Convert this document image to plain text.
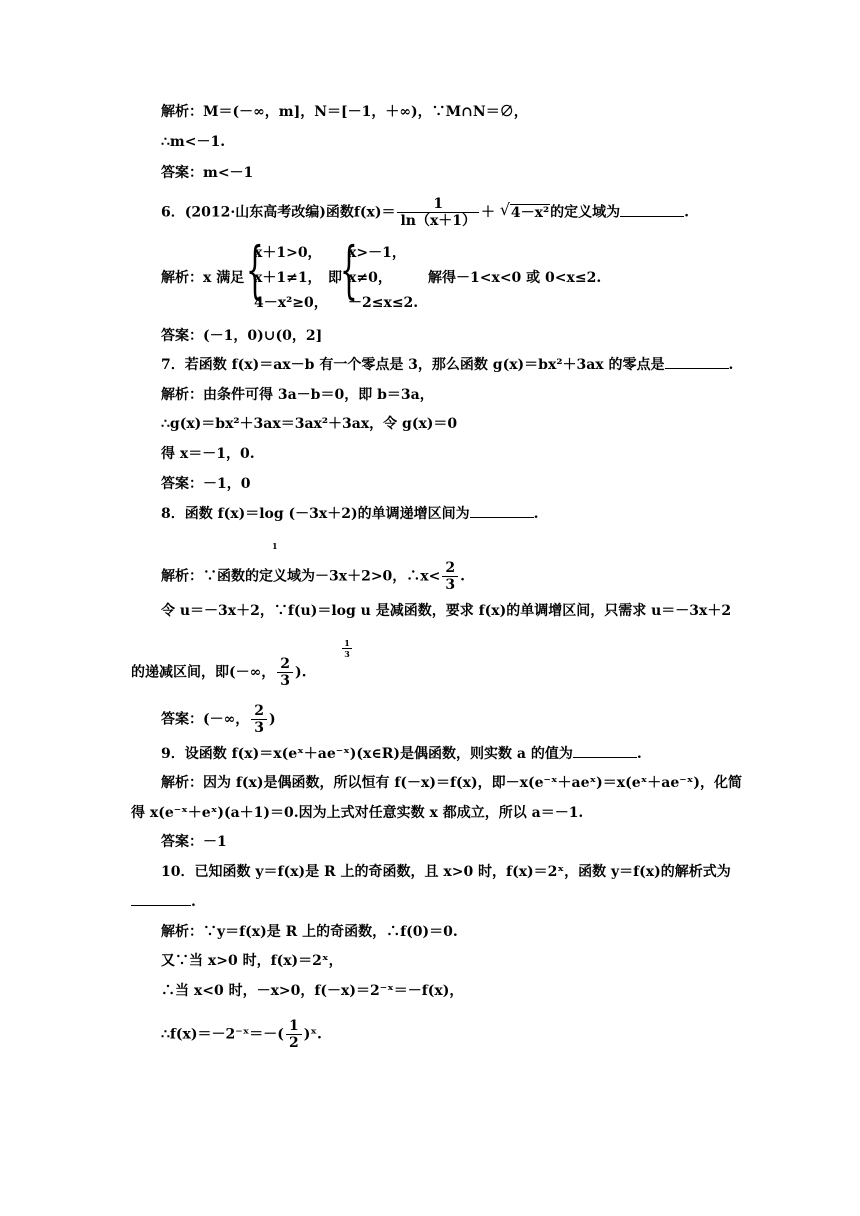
解析：M＝(－∞，m]，N＝[－1，＋∞)，∵M∩N＝∅，
∴m<－1.
答案：m<－1
6．(2012·山东高考改编)函数$f(x)= \frac{1}{\ln(x+1)}$ ＋ √ 4－x²的定义域为	.
解析：x 满足 {
x＋1>0，
x＋1≠1，
4－x²≥0，
即
{
x>－1，
x≠0，
－2≤x≤2.
解得－1<x<0 或 0<x≤2.
答案：(－1，0)∪(0，2]
7．若函数 f(x)＝ax－b 有一个零点是 3，那么函数 g(x)＝bx²＋3ax 的零点是	.
解析：由条件可得 3a－b＝0，即 b＝3a，
∴g(x)＝bx²＋3ax＝3ax²＋3ax，令 g(x)＝0
得 x＝－1，0.
答案：－1，0
8．函数 f(x)＝log (－3x＋2)的单调递增区间为	.
1
解析：∵函数的定义域为－3x＋2>0，∴x< $\frac{2}{3}$ .
令 u＝－3x＋2，∵f(u)＝log u 是减函数，要求 f(x)的单调增区间，只需求 u＝－3x＋2
的递减区间，即(－∞， $\frac{2}{3}$ ).
$\frac{1}{3}$
答案：(－∞， $\frac{2}{3}$ )
9．设函数 f(x)＝x(eˣ＋ae⁻ˣ)(x∈R)是偶函数，则实数 a 的值为	.
解析：因为 f(x)是偶函数，所以恒有 f(－x)＝f(x)，即－x(e⁻ˣ＋aeˣ)＝x(eˣ＋ae⁻ˣ)，化简
得 x(e⁻ˣ＋eˣ)(a＋1)＝0.因为上式对任意实数 x 都成立，所以 a＝－1.
答案：－1
10．已知函数 y＝f(x)是 R 上的奇函数，且 x>0 时，f(x)＝2ˣ，函数 y＝f(x)的解析式为
.
解析：∵y＝f(x)是 R 上的奇函数，∴f(0)＝0.
又∵当 x>0 时，f(x)＝2ˣ，
∴当 x<0 时，－x>0，f(－x)＝2⁻ˣ＝－f(x)，
∴f(x)＝－2⁻ˣ＝－( $\frac{1}{2}$ )ˣ.
